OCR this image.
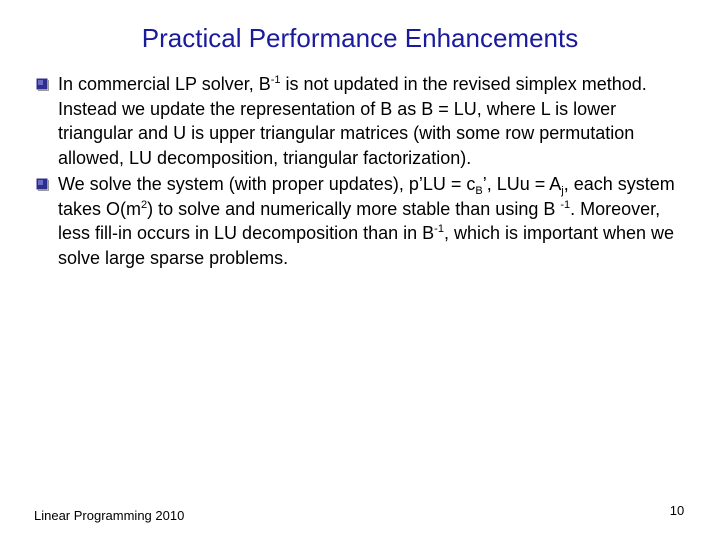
Practical Performance Enhancements
In commercial LP solver, $B^{-1}$ is not updated in the revised simplex method. Instead we update the representation of B as B = LU, where L is lower triangular and U is upper triangular matrices (with some row permutation allowed, LU decomposition, triangular factorization).
We solve the system (with proper updates), p’LU = $c_B$’, LUu = $A_j$, each system takes $O(m^2)$ to solve and numerically more stable than using B $^{-1}$. Moreover, less fill-in occurs in LU decomposition than in $B^{-1}$, which is important when we solve large sparse problems.
Linear Programming 2010	10
